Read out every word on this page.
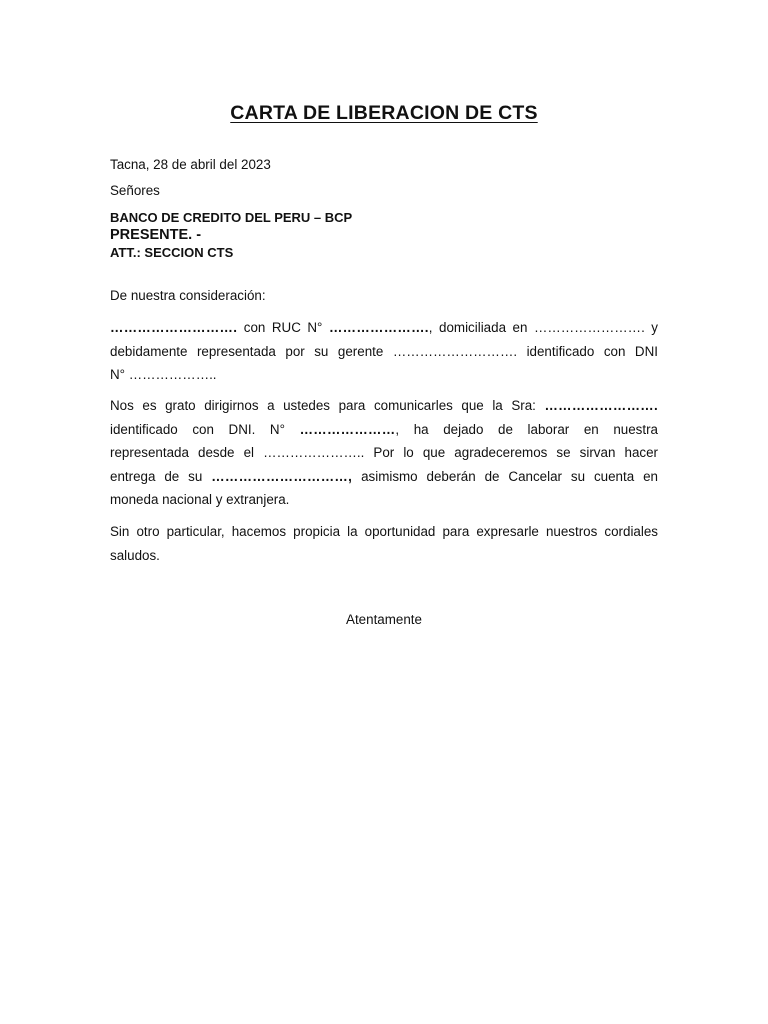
CARTA DE LIBERACION DE CTS
Tacna, 28 de abril del 2023
Señores
BANCO DE CREDITO DEL PERU – BCP
PRESENTE. -
ATT.: SECCION CTS
De nuestra consideración:
………………………. con RUC N° …………………., domiciliada en ……………………. y
debidamente representada por su gerente ………………………. identificado con DNI
N° ………………..
Nos es grato dirigirnos a ustedes para comunicarles que la Sra: …………………….
identificado con DNI. N° …………………, ha dejado de laborar en nuestra
representada desde el ………………….. Por lo que agradeceremos se sirvan hacer
entrega de su …………………………, asimismo deberán de Cancelar su cuenta en
moneda nacional y extranjera.
Sin otro particular, hacemos propicia la oportunidad para expresarle nuestros cordiales
saludos.
Atentamente
